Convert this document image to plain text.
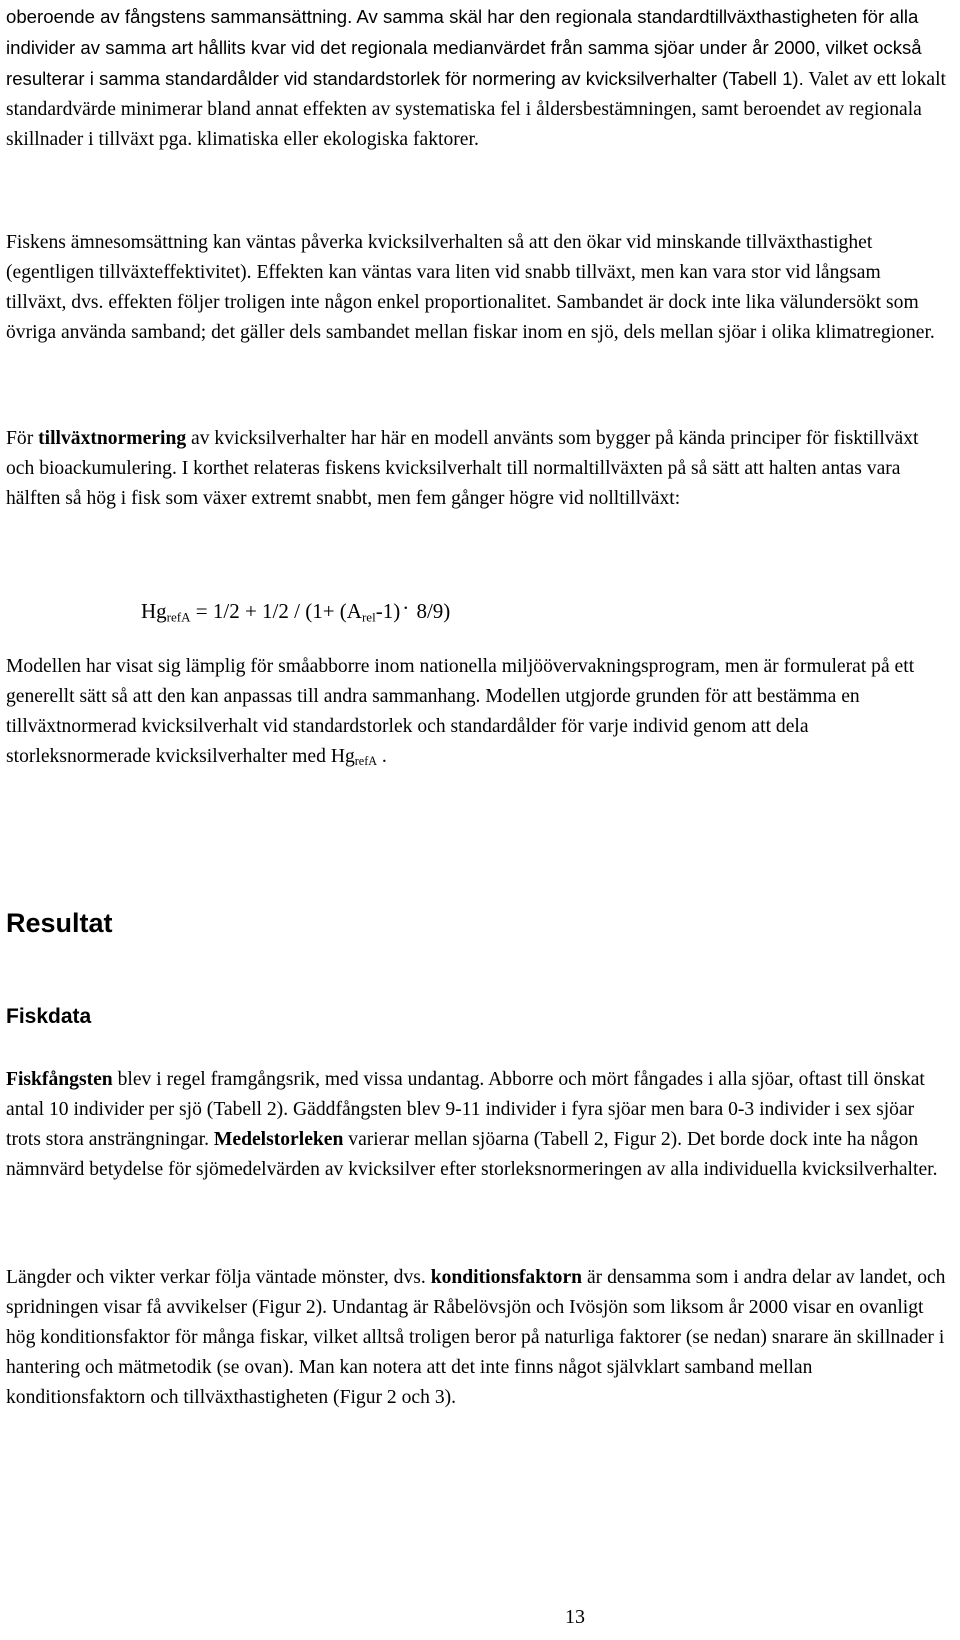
oberoende av fångstens sammansättning. Av samma skäl har den regionala standardtillväxthastigheten för alla individer av samma art hållits kvar vid det regionala medianvärdet från samma sjöar under år 2000, vilket också resulterar i samma standardålder vid standardstorlek för normering av kvicksilverhalter (Tabell 1). Valet av ett lokalt standardvärde minimerar bland annat effekten av systematiska fel i åldersbestämningen, samt beroendet av regionala skillnader i tillväxt pga. klimatiska eller ekologiska faktorer.

Fiskens ämnesomsättning kan väntas påverka kvicksilverhalten så att den ökar vid minskande tillväxthastighet (egentligen tillväxteffektivitet). Effekten kan väntas vara liten vid snabb tillväxt, men kan vara stor vid långsam tillväxt, dvs. effekten följer troligen inte någon enkel proportionalitet. Sambandet är dock inte lika välundersökt som övriga använda samband; det gäller dels sambandet mellan fiskar inom en sjö, dels mellan sjöar i olika klimatregioner.

För tillväxtnormering av kvicksilverhalter har här en modell använts som bygger på kända principer för fisktillväxt och bioackumulering. I korthet relateras fiskens kvicksilverhalt till normaltillväxten på så sätt att halten antas vara hälften så hög i fisk som växer extremt snabbt, men fem gånger högre vid nolltillväxt:

$Hg_{refA} = 1/2 + 1/2 / (1+ (A_{rel}-1)\cdot 8/9)$

Modellen har visat sig lämplig för småabborre inom nationella miljöövervakningsprogram, men är formulerat på ett generellt sätt så att den kan anpassas till andra sammanhang. Modellen utgjorde grunden för att bestämma en tillväxtnormerad kvicksilverhalt vid standardstorlek och standardålder för varje individ genom att dela storleksnormerade kvicksilverhalter med $Hg_{refA}$ .

Resultat
Fiskdata

Fiskfångsten blev i regel framgångsrik, med vissa undantag. Abborre och mört fångades i alla sjöar, oftast till önskat antal 10 individer per sjö (Tabell 2). Gäddfångsten blev 9-11 individer i fyra sjöar men bara 0-3 individer i sex sjöar trots stora ansträngningar. Medelstorleken varierar mellan sjöarna (Tabell 2, Figur 2). Det borde dock inte ha någon nämnvärd betydelse för sjömedelvärden av kvicksilver efter storleksnormeringen av alla individuella kvicksilverhalter.

Längder och vikter verkar följa väntade mönster, dvs. konditionsfaktorn är densamma som i andra delar av landet, och spridningen visar få avvikelser (Figur 2). Undantag är Råbelövsjön och Ivösjön som liksom år 2000 visar en ovanligt hög konditionsfaktor för många fiskar, vilket alltså troligen beror på naturliga faktorer (se nedan) snarare än skillnader i hantering och mätmetodik (se ovan). Man kan notera att det inte finns något självklart samband mellan konditionsfaktorn och tillväxthastigheten (Figur 2 och 3).

13
